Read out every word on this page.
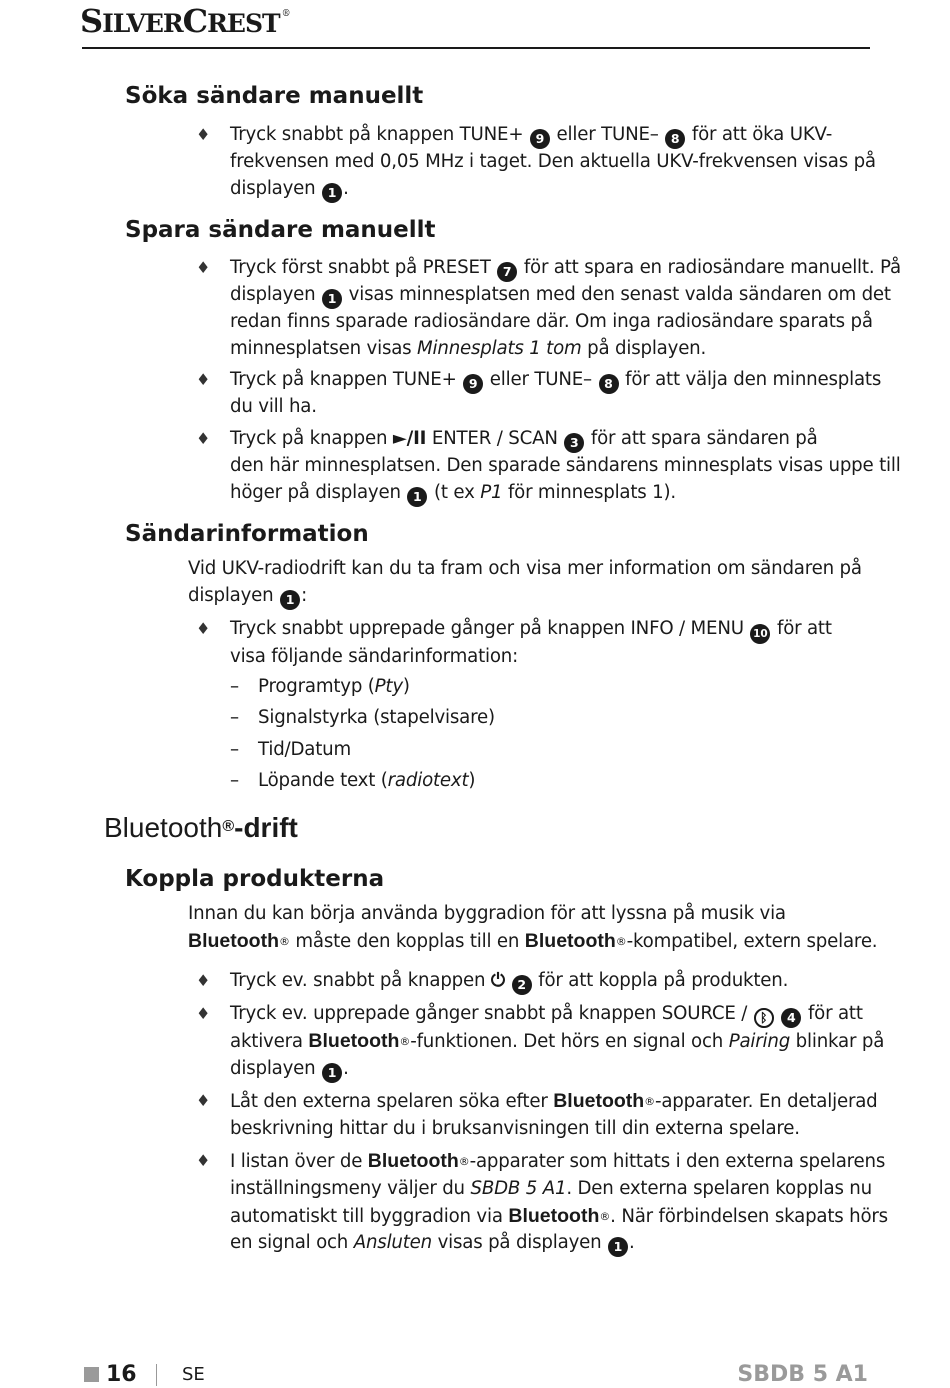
SILVERCREST ®
Söka sändare manuellt
♦ Tryck snabbt på knappen TUNE+ 9 eller TUNE– 8 för att öka UKV-
frekvensen med 0,05 MHz i taget. Den aktuella UKV-frekvensen visas på
displayen 1 .
Spara sändare manuellt
♦ Tryck först snabbt på PRESET 7 för att spara en radiosändare manuellt. På
displayen 1 visas minnesplatsen med den senast valda sändaren om det
redan finns sparade radiosändare där. Om inga radiosändare sparats på
minnesplatsen visas Minnesplats 1 tom på displayen.
♦ Tryck på knappen TUNE+ 9 eller TUNE– 8 för att välja den minnesplats
du vill ha.
♦ Tryck på knappen ►/II ENTER / SCAN 3 för att spara sändaren på
den här minnesplatsen. Den sparade sändarens minnesplats visas uppe till
höger på displayen 1 (t ex P1 för minnesplats 1).
Sändarinformation
Vid UKV-radiodrift kan du ta fram och visa mer information om sändaren på
displayen 1 :
♦ Tryck snabbt upprepade gånger på knappen INFO / MENU 10 för att
visa följande sändarinformation:
– Programtyp (Pty)
– Signalstyrka (stapelvisare)
– Tid/Datum
– Löpande text (radiotext)
Bluetooth®-drift
Koppla produkterna
Innan du kan börja använda byggradion för att lyssna på musik via
Bluetooth® måste den kopplas till en Bluetooth®-kompatibel, extern spelare.
♦ Tryck ev. snabbt på knappen ⏻ 2 för att koppla på produkten.
♦ Tryck ev. upprepade gånger snabbt på knappen SOURCE / ᛒ 4 för att
aktivera Bluetooth®-funktionen. Det hörs en signal och Pairing blinkar på
displayen 1 .
♦ Låt den externa spelaren söka efter Bluetooth®-apparater. En detaljerad
beskrivning hittar du i bruksanvisningen till din externa spelare.
♦ I listan över de Bluetooth®-apparater som hittats i den externa spelarens
inställningsmeny väljer du SBDB 5 A1. Den externa spelaren kopplas nu
automatiskt till byggradion via Bluetooth®. När förbindelsen skapats hörs
en signal och Ansluten visas på displayen 1 .
16	SE	SBDB 5 A1
